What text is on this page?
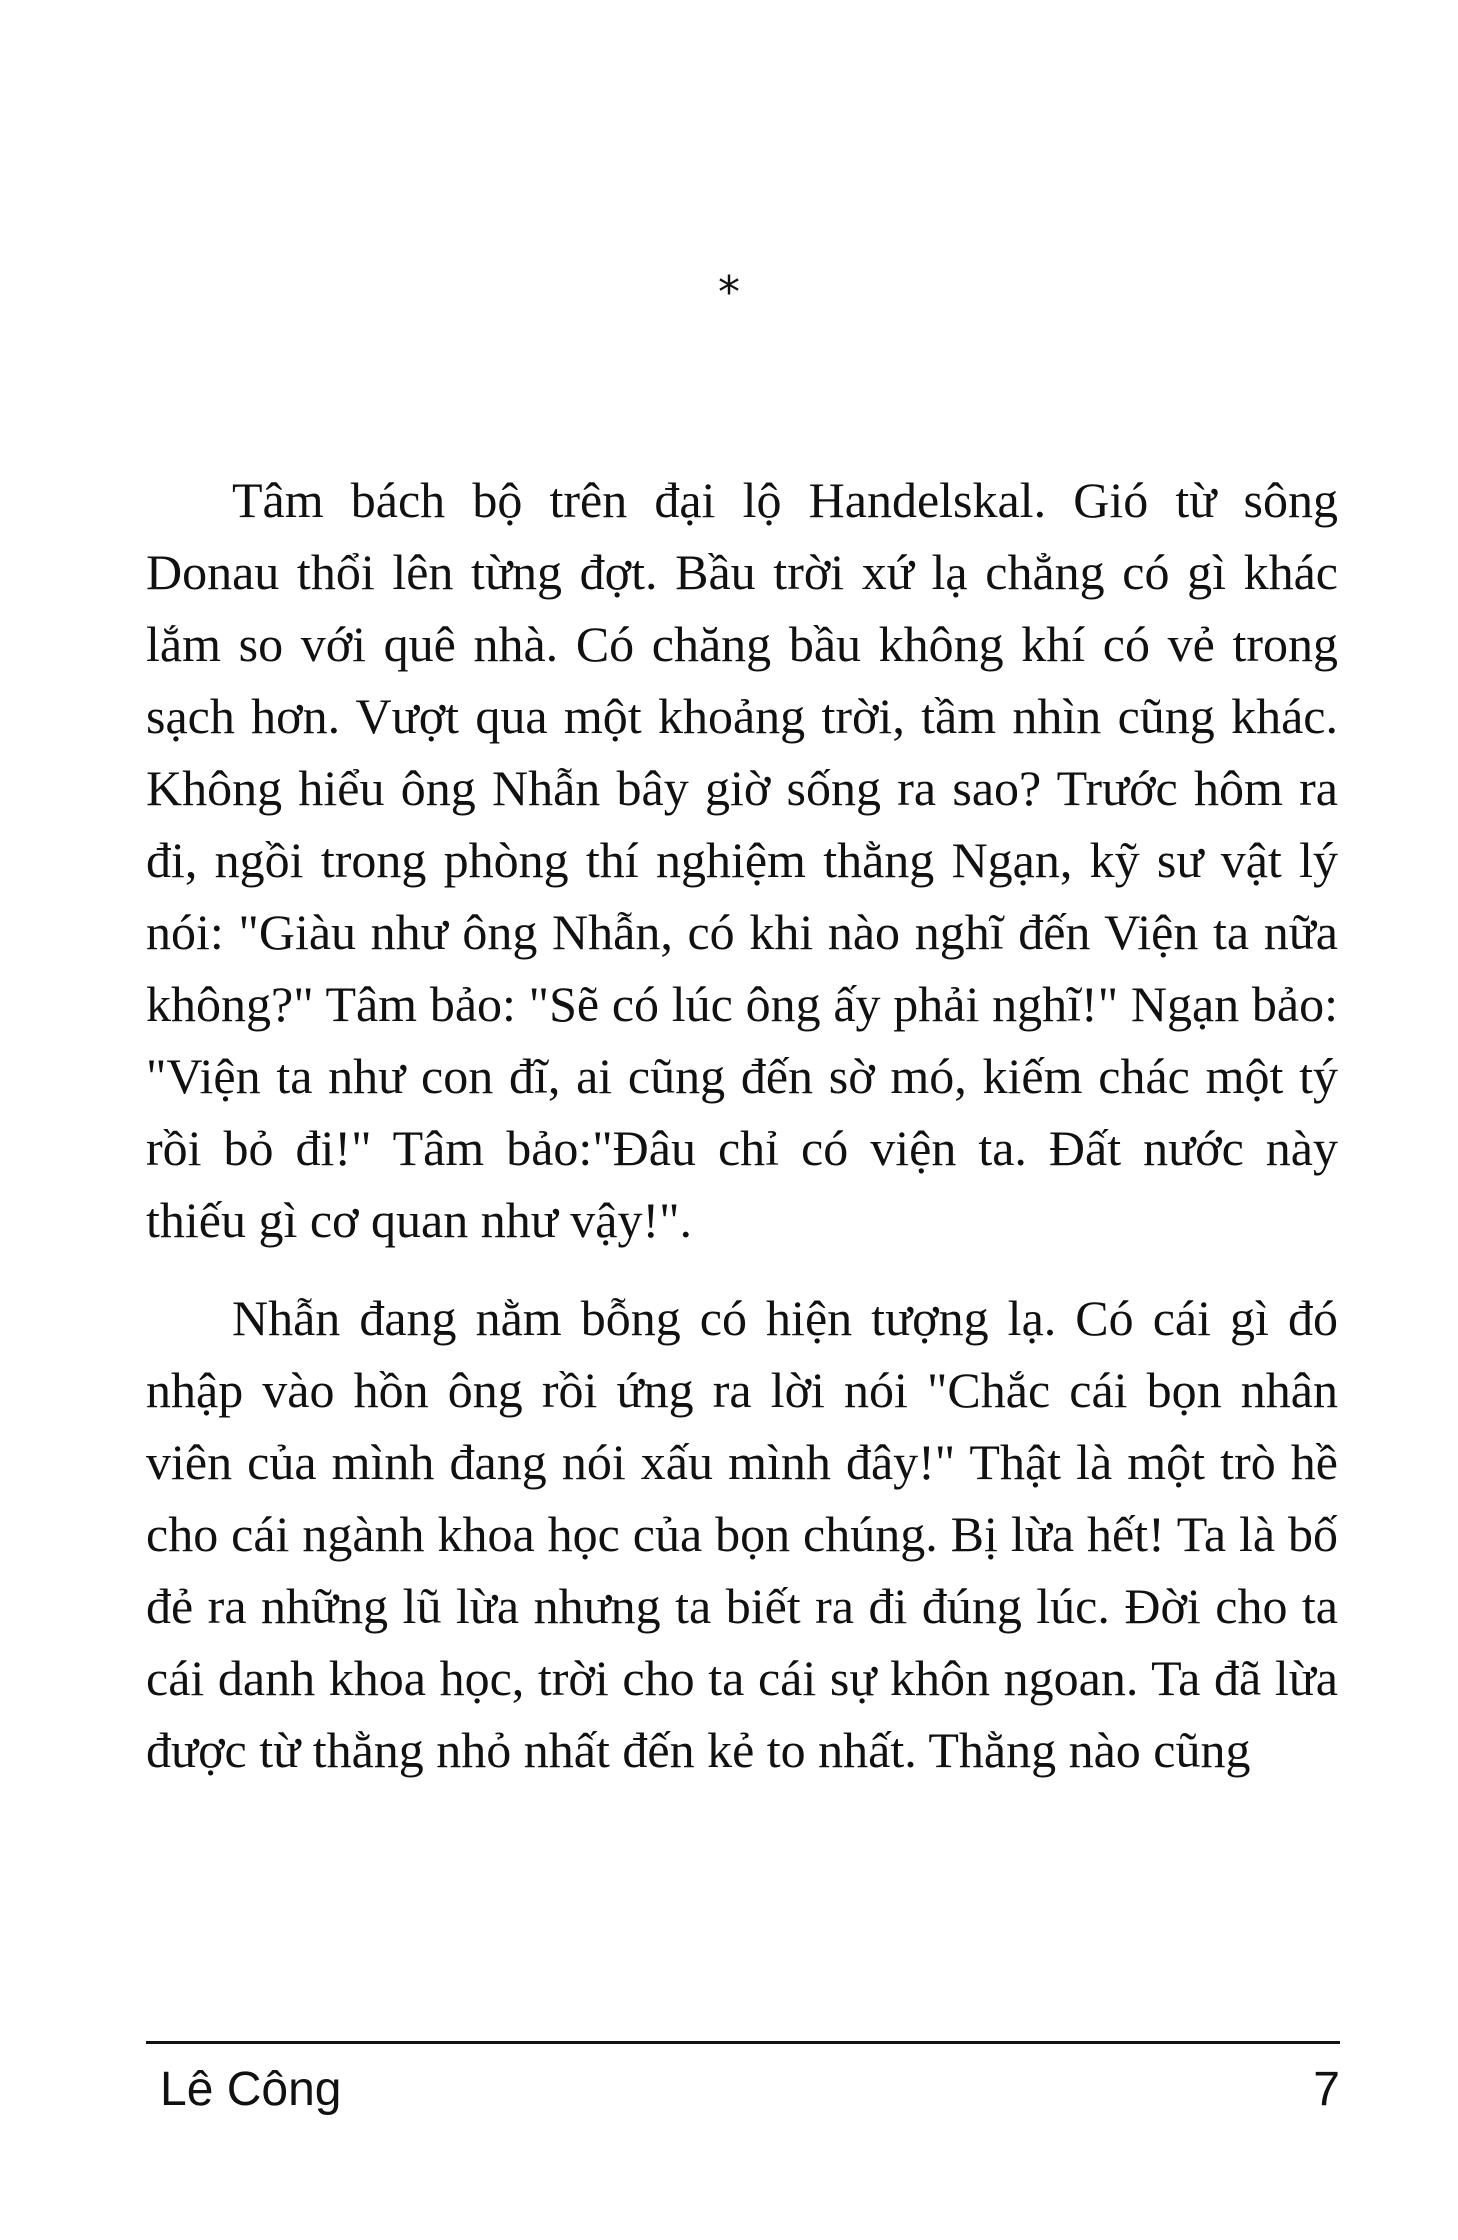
*

Tâm bách bộ trên đại lộ Handelskal. Gió từ sông Donau thổi lên từng đợt. Bầu trời xứ lạ chẳng có gì khác lắm so với quê nhà. Có chăng bầu không khí có vẻ trong sạch hơn. Vượt qua một khoảng trời, tầm nhìn cũng khác. Không hiểu ông Nhẫn bây giờ sống ra sao? Trước hôm ra đi, ngồi trong phòng thí nghiệm thằng Ngạn, kỹ sư vật lý nói: "Giàu như ông Nhẫn, có khi nào nghĩ đến Viện ta nữa không?" Tâm bảo: "Sẽ có lúc ông ấy phải nghĩ!" Ngạn bảo: "Viện ta như con đĩ, ai cũng đến sờ mó, kiếm chác một tý rồi bỏ đi!" Tâm bảo:"Đâu chỉ có viện ta. Đất nước này thiếu gì cơ quan như vậy!".

Nhẫn đang nằm bỗng có hiện tượng lạ. Có cái gì đó nhập vào hồn ông rồi ứng ra lời nói "Chắc cái bọn nhân viên của mình đang nói xấu mình đây!" Thật là một trò hề cho cái ngành khoa học của bọn chúng. Bị lừa hết! Ta là bố đẻ ra những lũ lừa nhưng ta biết ra đi đúng lúc. Đời cho ta cái danh khoa học, trời cho ta cái sự khôn ngoan. Ta đã lừa được từ thằng nhỏ nhất đến kẻ to nhất. Thằng nào cũng

Lê Công	7
